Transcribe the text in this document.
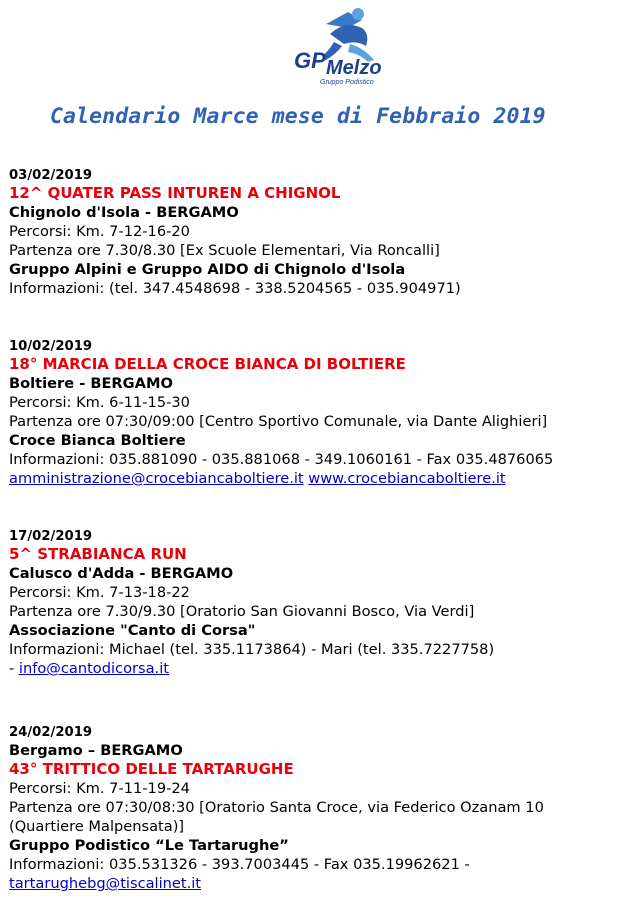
GP Melzo
Gruppo Podistico
Calendario Marce mese di Febbraio 2019
03/02/2019
12^ QUATER PASS INTUREN A CHIGNOL
Chignolo d'Isola - BERGAMO
Percorsi: Km. 7-12-16-20
Partenza ore 7.30/8.30 [Ex Scuole Elementari, Via Roncalli]
Gruppo Alpini e Gruppo AIDO di Chignolo d'Isola
Informazioni: (tel. 347.4548698 - 338.5204565 - 035.904971)
10/02/2019
18° MARCIA DELLA CROCE BIANCA DI BOLTIERE
Boltiere - BERGAMO
Percorsi: Km. 6-11-15-30
Partenza ore 07:30/09:00 [Centro Sportivo Comunale, via Dante Alighieri]
Croce Bianca Boltiere
Informazioni: 035.881090 - 035.881068 - 349.1060161 - Fax 035.4876065
amministrazione@crocebiancaboltiere.it www.crocebiancaboltiere.it
17/02/2019
5^ STRABIANCA RUN
Calusco d'Adda - BERGAMO
Percorsi: Km. 7-13-18-22
Partenza ore 7.30/9.30 [Oratorio San Giovanni Bosco, Via Verdi]
Associazione "Canto di Corsa"
Informazioni: Michael (tel. 335.1173864) - Mari (tel. 335.7227758)
- info@cantodicorsa.it
24/02/2019
Bergamo – BERGAMO
43° TRITTICO DELLE TARTARUGHE
Percorsi: Km. 7-11-19-24
Partenza ore 07:30/08:30 [Oratorio Santa Croce, via Federico Ozanam 10
(Quartiere Malpensata)]
Gruppo Podistico “Le Tartarughe”
Informazioni: 035.531326 - 393.7003445 - Fax 035.19962621 -
tartarughebg@tiscalinet.it
